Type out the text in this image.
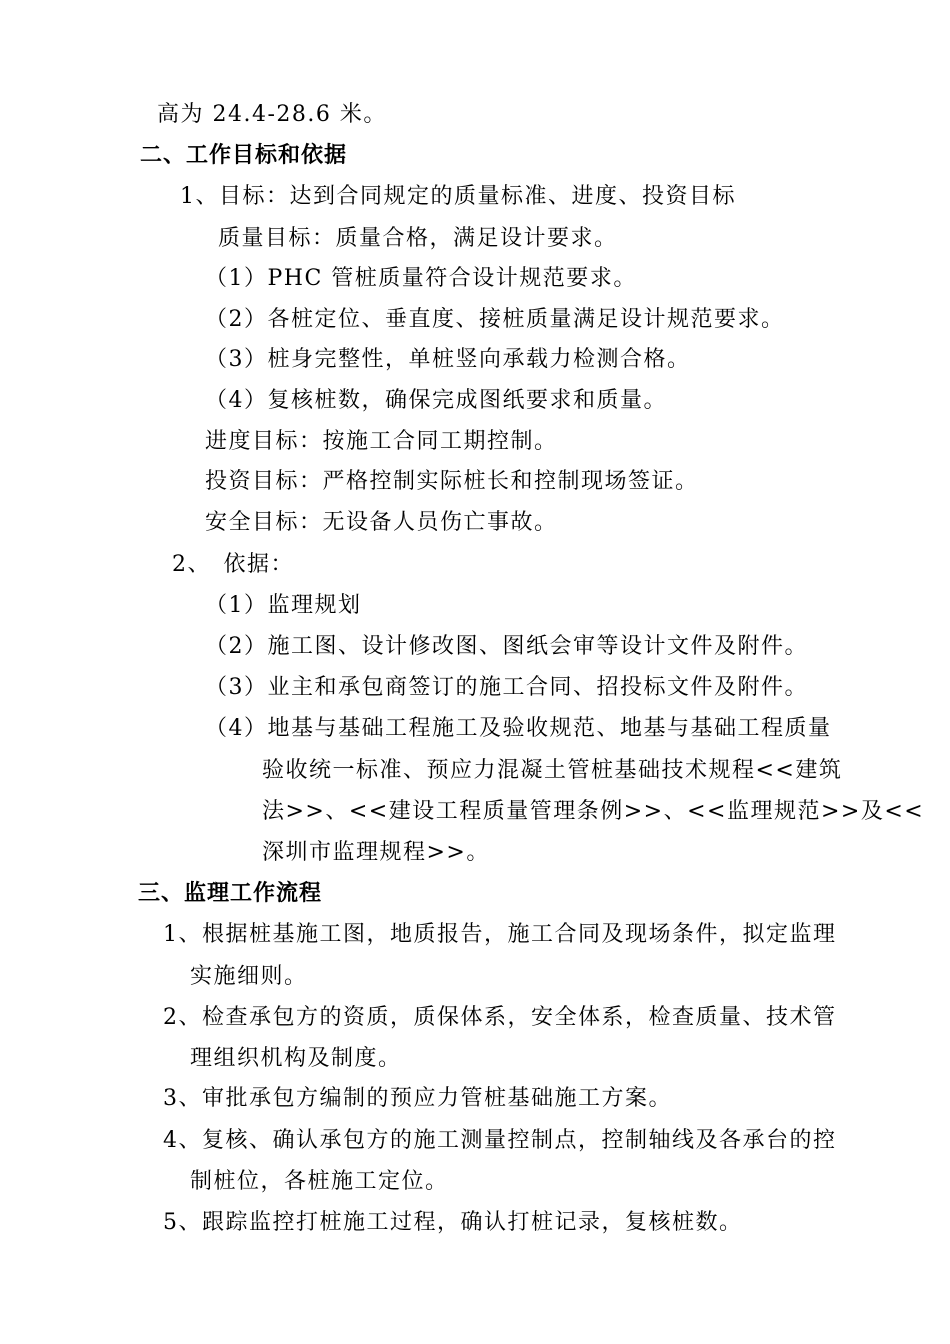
高为 24.4-28.6 米。
二、工作目标和依据
1、目标：达到合同规定的质量标准、进度、投资目标
质量目标：质量合格，满足设计要求。
（1）PHC 管桩质量符合设计规范要求。
（2）各桩定位、垂直度、接桩质量满足设计规范要求。
（3）桩身完整性，单桩竖向承载力检测合格。
（4）复核桩数，确保完成图纸要求和质量。
进度目标：按施工合同工期控制。
投资目标：严格控制实际桩长和控制现场签证。
安全目标：无设备人员伤亡事故。
2、　依据：
（1）监理规划
（2）施工图、设计修改图、图纸会审等设计文件及附件。
（3）业主和承包商签订的施工合同、招投标文件及附件。
（4）地基与基础工程施工及验收规范、地基与基础工程质量
验收统一标准、预应力混凝土管桩基础技术规程<<建筑
法>>、<<建设工程质量管理条例>>、<<监理规范>>及<<
深圳市监理规程>>。
三、监理工作流程
1、根据桩基施工图，地质报告，施工合同及现场条件，拟定监理
实施细则。
2、检查承包方的资质，质保体系，安全体系，检查质量、技术管
理组织机构及制度。
3、审批承包方编制的预应力管桩基础施工方案。
4、复核、确认承包方的施工测量控制点，控制轴线及各承台的控
制桩位，各桩施工定位。
5、跟踪监控打桩施工过程，确认打桩记录，复核桩数。
